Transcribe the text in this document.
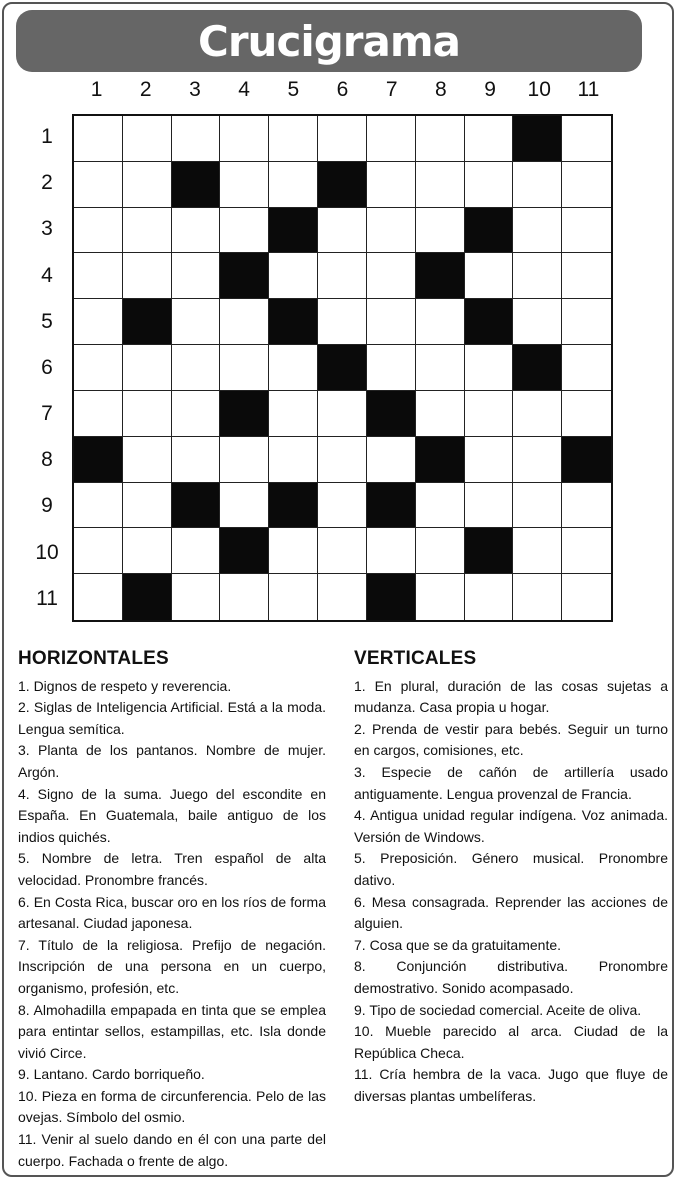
Crucigrama
1	2	3	4	5	6	7	8	9	10	11
1
2
3
4
5
6
7
8
9
10
11
HORIZONTALES

1. Dignos de respeto y reverencia.

2. Siglas de Inteligencia Artificial. Está a la moda. Lengua semítica.

3. Planta de los pantanos. Nombre de mujer. Argón.

4. Signo de la suma. Juego del escondite en España. En Guatemala, baile antiguo de los indios quichés.

5. Nombre de letra. Tren español de alta velocidad. Pronombre francés.

6. En Costa Rica, buscar oro en los ríos de forma artesanal. Ciudad japonesa.

7. Título de la religiosa. Prefijo de negación. Inscripción de una persona en un cuerpo, organismo, profesión, etc.

8. Almohadilla empapada en tinta que se emplea para entintar sellos, estampillas, etc. Isla donde vivió Circe.

9. Lantano. Cardo borriqueño.

10. Pieza en forma de circunferencia. Pelo de las ovejas. Símbolo del osmio.

11. Venir al suelo dando en él con una parte del cuerpo. Fachada o frente de algo.

VERTICALES

1. En plural, duración de las cosas sujetas a mudanza. Casa propia u hogar.

2. Prenda de vestir para bebés. Seguir un turno en cargos, comisiones, etc.

3. Especie de cañón de artillería usado antiguamente. Lengua provenzal de Francia.

4. Antigua unidad regular indígena. Voz animada. Versión de Windows.

5. Preposición. Género musical. Pronombre dativo.

6. Mesa consagrada. Reprender las acciones de alguien.

7. Cosa que se da gratuitamente.

8. Conjunción distributiva. Pronombre demostrativo. Sonido acompasado.

9. Tipo de sociedad comercial. Aceite de oliva.

10. Mueble parecido al arca. Ciudad de la República Checa.

11. Cría hembra de la vaca. Jugo que fluye de diversas plantas umbelíferas.
